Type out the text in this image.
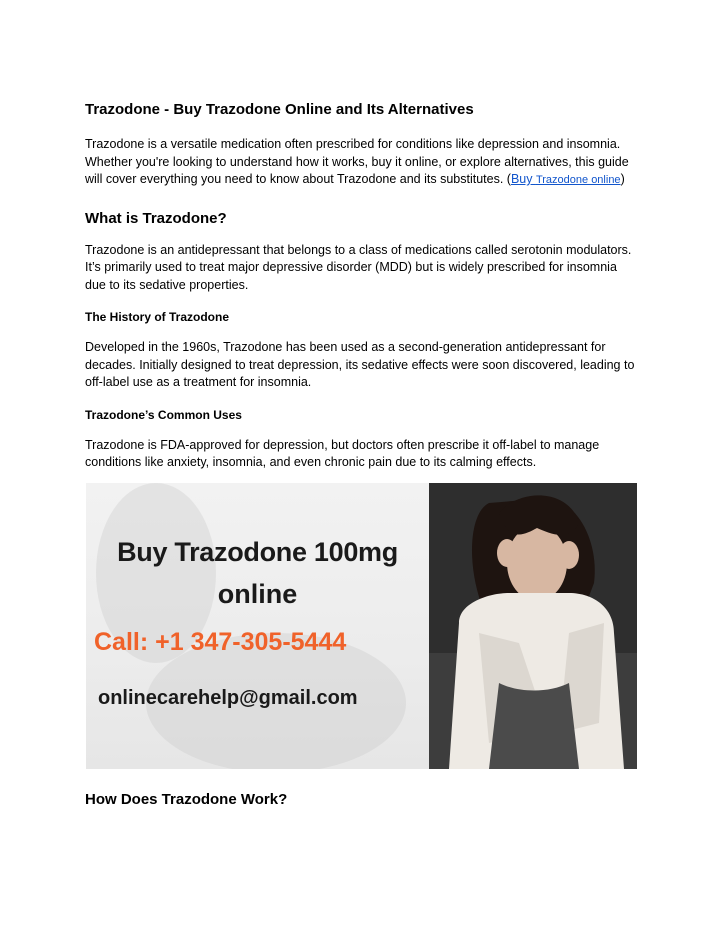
Trazodone - Buy Trazodone Online and Its Alternatives

Trazodone is a versatile medication often prescribed for conditions like depression and insomnia. Whether you're looking to understand how it works, buy it online, or explore alternatives, this guide will cover everything you need to know about Trazodone and its substitutes. (Buy Trazodone online)

What is Trazodone?

Trazodone is an antidepressant that belongs to a class of medications called serotonin modulators. It’s primarily used to treat major depressive disorder (MDD) but is widely prescribed for insomnia due to its sedative properties.

The History of Trazodone

Developed in the 1960s, Trazodone has been used as a second-generation antidepressant for decades. Initially designed to treat depression, its sedative effects were soon discovered, leading to off-label use as a treatment for insomnia.

Trazodone’s Common Uses

Trazodone is FDA-approved for depression, but doctors often prescribe it off-label to manage conditions like anxiety, insomnia, and even chronic pain due to its calming effects.

Buy Trazodone 100mg
online
Call: +1 347-305-5444
onlinecarehelp@gmail.com
How Does Trazodone Work?
